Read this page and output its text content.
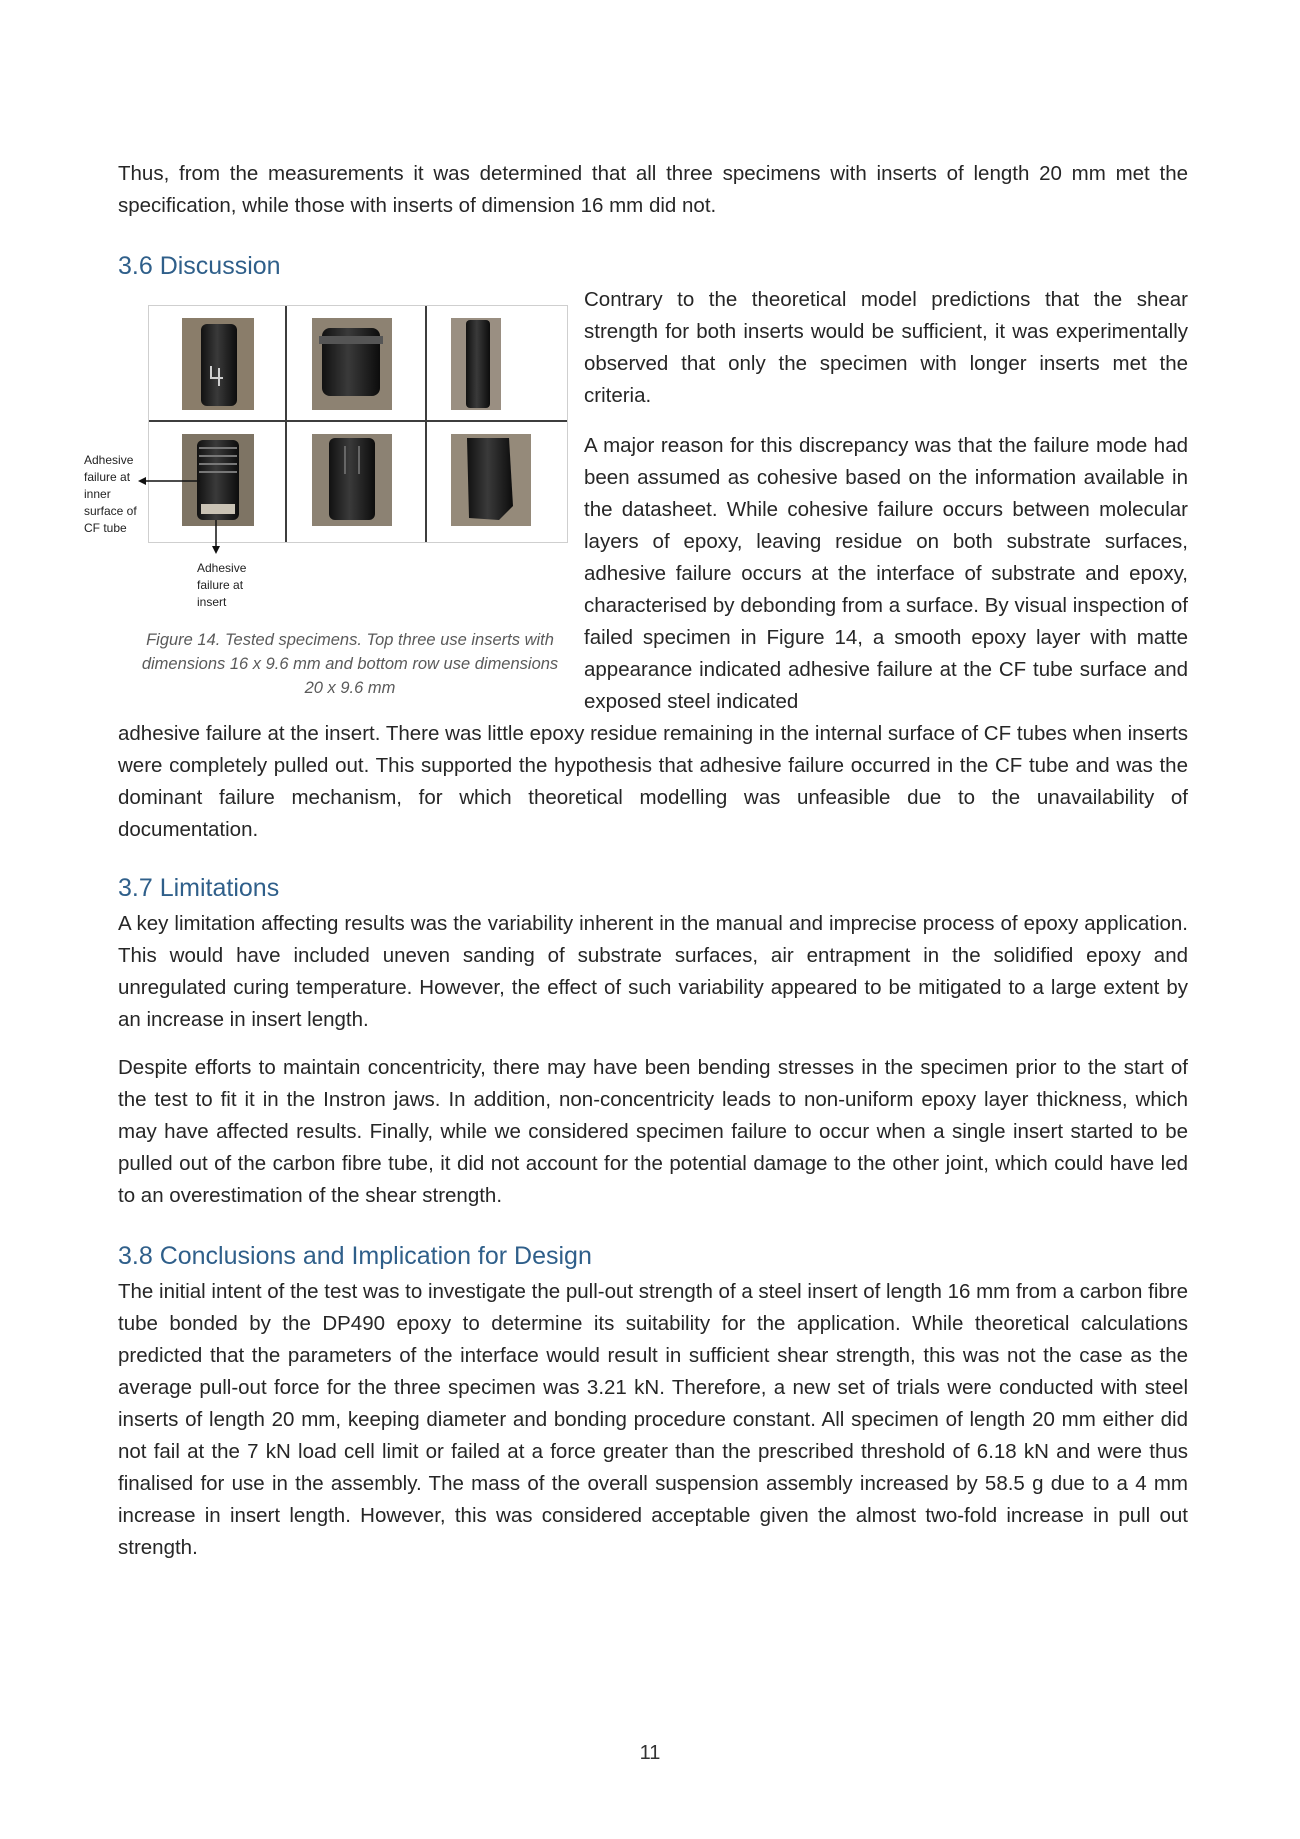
Thus, from the measurements it was determined that all three specimens with inserts of length 20 mm met the specification, while those with inserts of dimension 16 mm did not.

3.6 Discussion
Adhesive
failure at
inner
surface of
CF tube
Adhesive
failure at
insert

Figure 14. Tested specimens. Top three use inserts with dimensions 16 x 9.6 mm and bottom row use dimensions 20 x 9.6 mm

Contrary to the theoretical model predictions that the shear strength for both inserts would be sufficient, it was experimentally observed that only the specimen with longer inserts met the criteria.

A major reason for this discrepancy was that the failure mode had been assumed as cohesive based on the information available in the datasheet. While cohesive failure occurs between molecular layers of epoxy, leaving residue on both substrate surfaces, adhesive failure occurs at the interface of substrate and epoxy, characterised by debonding from a surface. By visual inspection of failed specimen in Figure 14, a smooth epoxy layer with matte appearance indicated adhesive failure at the CF tube surface and exposed steel indicated

adhesive failure at the insert. There was little epoxy residue remaining in the internal surface of CF tubes when inserts were completely pulled out. This supported the hypothesis that adhesive failure occurred in the CF tube and was the dominant failure mechanism, for which theoretical modelling was unfeasible due to the unavailability of documentation.

3.7 Limitations

A key limitation affecting results was the variability inherent in the manual and imprecise process of epoxy application. This would have included uneven sanding of substrate surfaces, air entrapment in the solidified epoxy and unregulated curing temperature. However, the effect of such variability appeared to be mitigated to a large extent by an increase in insert length.

Despite efforts to maintain concentricity, there may have been bending stresses in the specimen prior to the start of the test to fit it in the Instron jaws. In addition, non-concentricity leads to non-uniform epoxy layer thickness, which may have affected results. Finally, while we considered specimen failure to occur when a single insert started to be pulled out of the carbon fibre tube, it did not account for the potential damage to the other joint, which could have led to an overestimation of the shear strength.

3.8 Conclusions and Implication for Design

The initial intent of the test was to investigate the pull-out strength of a steel insert of length 16 mm from a carbon fibre tube bonded by the DP490 epoxy to determine its suitability for the application. While theoretical calculations predicted that the parameters of the interface would result in sufficient shear strength, this was not the case as the average pull-out force for the three specimen was 3.21 kN. Therefore, a new set of trials were conducted with steel inserts of length 20 mm, keeping diameter and bonding procedure constant. All specimen of length 20 mm either did not fail at the 7 kN load cell limit or failed at a force greater than the prescribed threshold of 6.18 kN and were thus finalised for use in the assembly. The mass of the overall suspension assembly increased by 58.5 g due to a 4 mm increase in insert length. However, this was considered acceptable given the almost two-fold increase in pull out strength.

11
